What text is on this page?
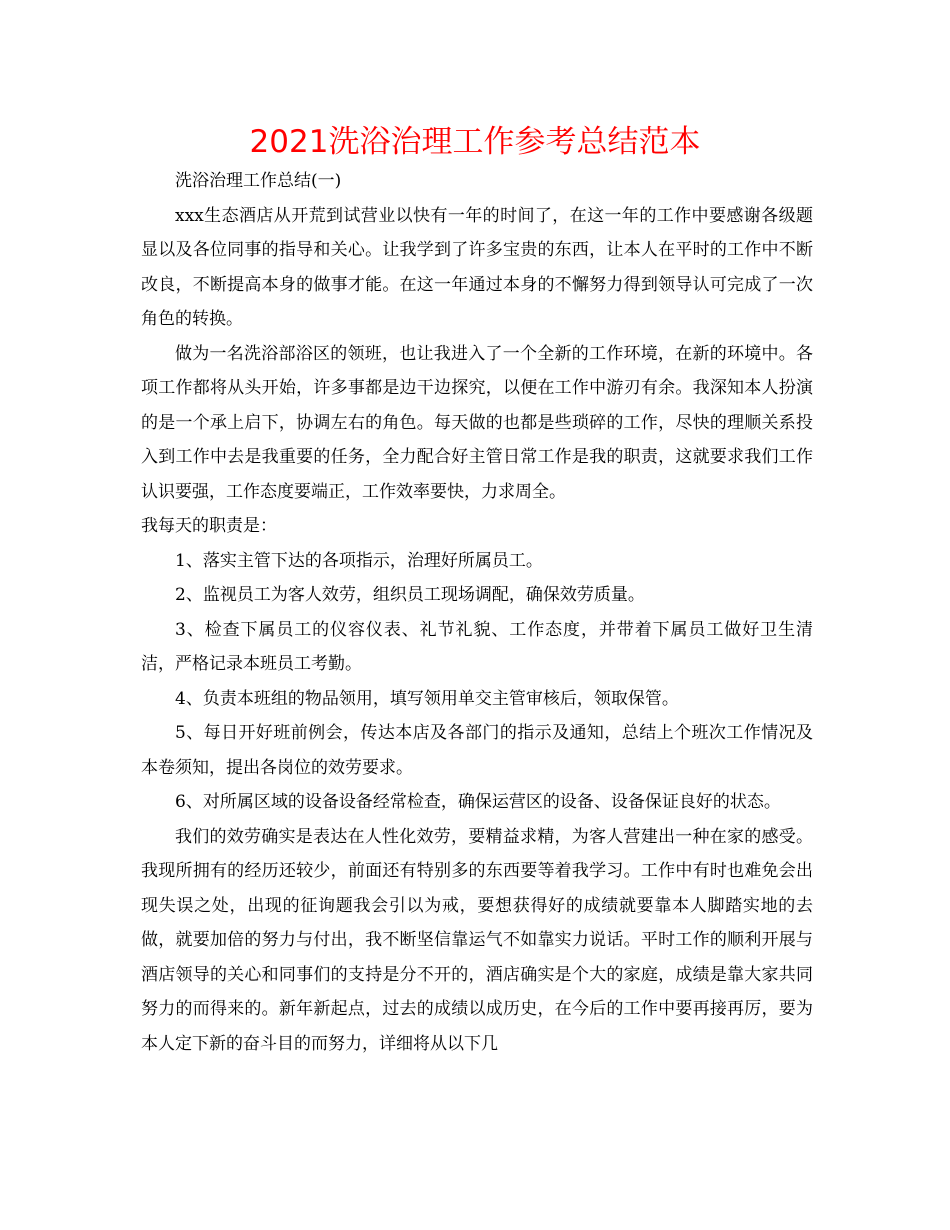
2021洗浴治理工作参考总结范本

洗浴治理工作总结(一)

xxx生态酒店从开荒到试营业以快有一年的时间了，在这一年的工作中要感谢各级题显以及各位同事的指导和关心。让我学到了许多宝贵的东西，让本人在平时的工作中不断改良，不断提高本身的做事才能。在这一年通过本身的不懈努力得到领导认可完成了一次角色的转换。

做为一名洗浴部浴区的领班，也让我进入了一个全新的工作环境，在新的环境中。各项工作都将从头开始，许多事都是边干边探究，以便在工作中游刃有余。我深知本人扮演的是一个承上启下，协调左右的角色。每天做的也都是些琐碎的工作，尽快的理顺关系投入到工作中去是我重要的任务，全力配合好主管日常工作是我的职责，这就要求我们工作认识要强，工作态度要端正，工作效率要快，力求周全。

我每天的职责是：

1、落实主管下达的各项指示，治理好所属员工。

2、监视员工为客人效劳，组织员工现场调配，确保效劳质量。

3、检查下属员工的仪容仪表、礼节礼貌、工作态度，并带着下属员工做好卫生清洁，严格记录本班员工考勤。

4、负责本班组的物品领用，填写领用单交主管审核后，领取保管。

5、每日开好班前例会，传达本店及各部门的指示及通知，总结上个班次工作情况及本卷须知，提出各岗位的效劳要求。

6、对所属区域的设备设备经常检查，确保运营区的设备、设备保证良好的状态。

我们的效劳确实是表达在人性化效劳，要精益求精，为客人营建出一种在家的感受。我现所拥有的经历还较少，前面还有特别多的东西要等着我学习。工作中有时也难免会出现失误之处，出现的征询题我会引以为戒，要想获得好的成绩就要靠本人脚踏实地的去做，就要加倍的努力与付出，我不断坚信靠运气不如靠实力说话。平时工作的顺利开展与酒店领导的关心和同事们的支持是分不开的，酒店确实是个大的家庭，成绩是靠大家共同努力的而得来的。新年新起点，过去的成绩以成历史，在今后的工作中要再接再厉，要为本人定下新的奋斗目的而努力，详细将从以下几
